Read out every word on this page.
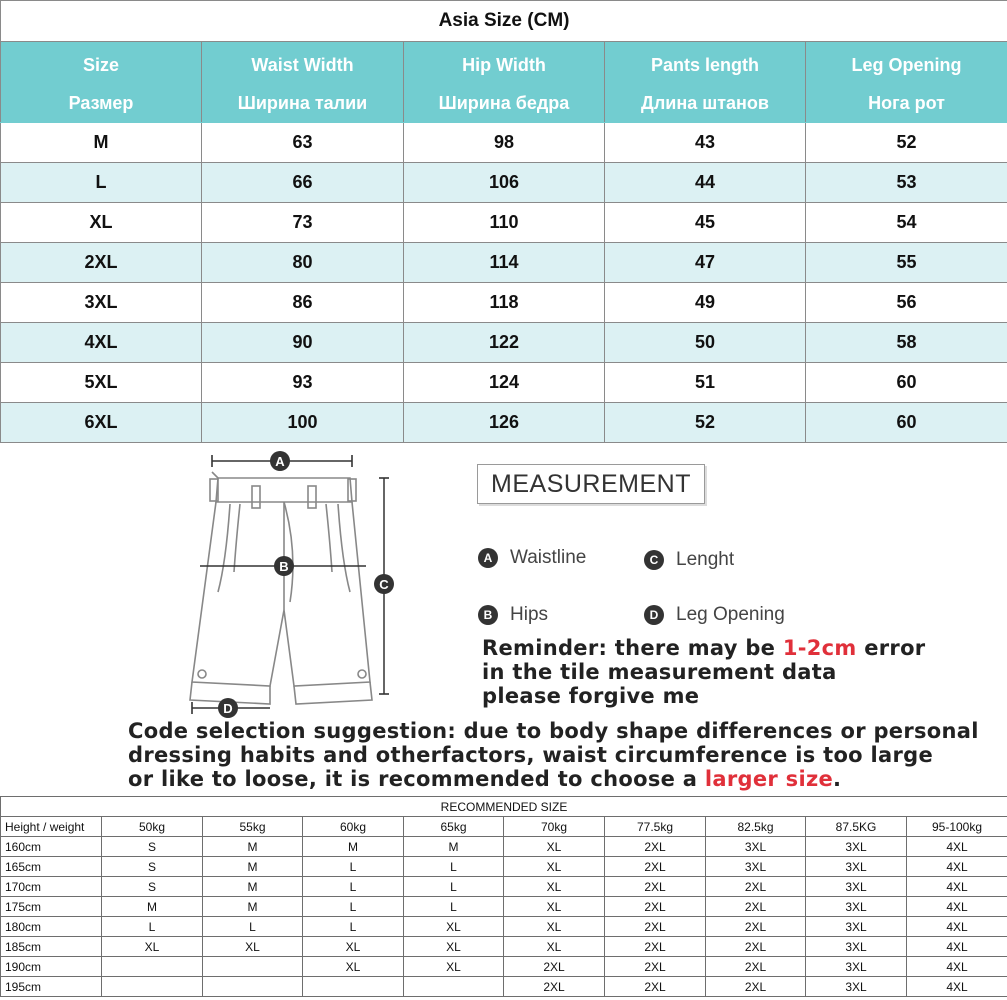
Asia Size (CM)				
Size	Waist Width	Hip Width	Pants length	Leg Opening
Размер	Ширина талии	Ширина бедра	Длина штанов	Нога рот
M	63	98	43	52
L	66	106	44	53
XL	73	110	45	54
2XL	80	114	47	55
3XL	86	118	49	56
4XL	90	122	50	58
5XL	93	124	51	60
6XL	100	126	52	60
A
B
C
D
MEASUREMENT
A Waistline	C Lenght
B Hips	D Leg Opening
Reminder: there may be 1-2cm error
in the tile measurement data
please forgive me
Code selection suggestion: due to body shape differences or personal
dressing habits and otherfactors, waist circumference is too large
or like to loose, it is recommended to choose a larger size.
RECOMMENDED SIZE									
Height / weight	50kg	55kg	60kg	65kg	70kg	77.5kg	82.5kg	87.5KG	95-100kg
160cm	S	M	M	M	XL	2XL	3XL	3XL	4XL
165cm	S	M	L	L	XL	2XL	3XL	3XL	4XL
170cm	S	M	L	L	XL	2XL	2XL	3XL	4XL
175cm	M	M	L	L	XL	2XL	2XL	3XL	4XL
180cm	L	L	L	XL	XL	2XL	2XL	3XL	4XL
185cm	XL	XL	XL	XL	XL	2XL	2XL	3XL	4XL
190cm			XL	XL	2XL	2XL	2XL	3XL	4XL
195cm					2XL	2XL	2XL	3XL	4XL
